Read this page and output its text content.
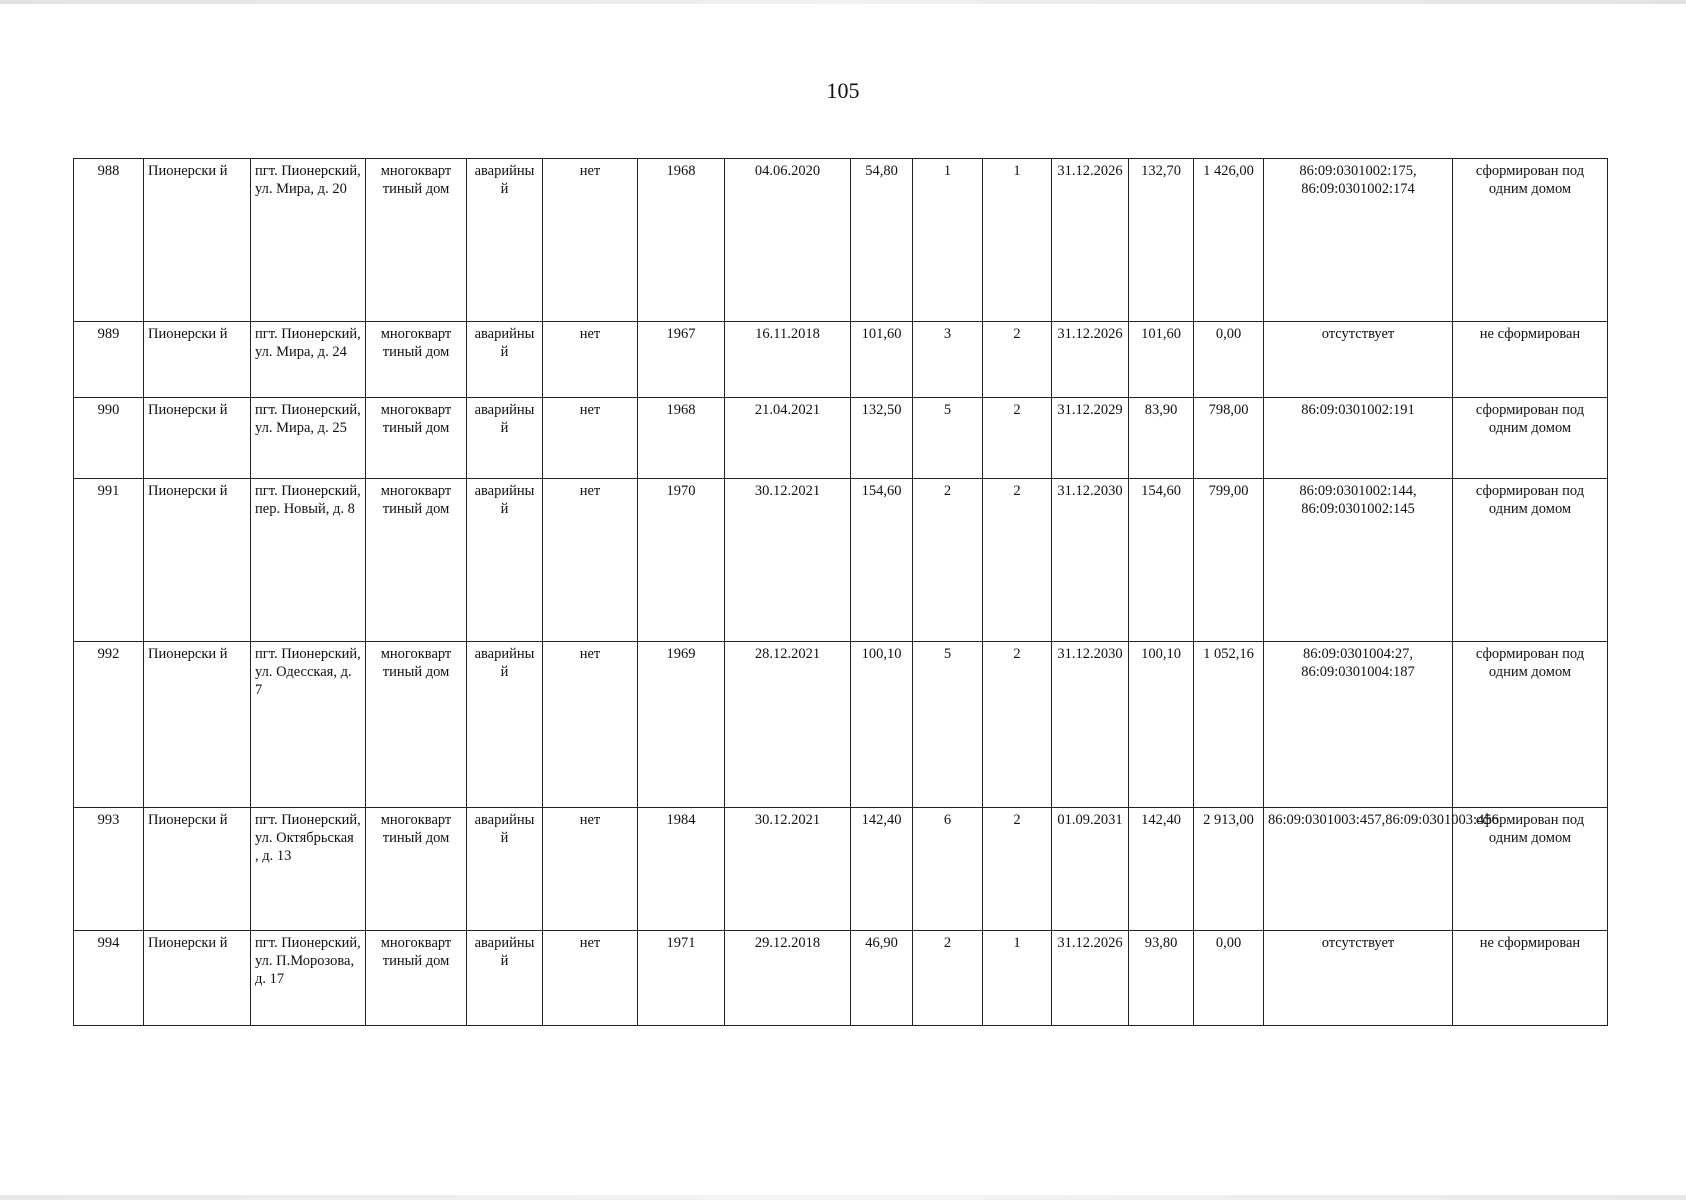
105
988	Пионерски й	пгт. Пионерский, ул. Мира, д. 20	многокварт тиный дом	аварийный	нет	1968	04.06.2020	54,80	1	1	31.12.2026	132,70	1 426,00	86:09:0301002:175, 86:09:0301002:174	сформирован под одним домом
989	Пионерски й	пгт. Пионерский, ул. Мира, д. 24	многокварт тиный дом	аварийный	нет	1967	16.11.2018	101,60	3	2	31.12.2026	101,60	0,00	отсутствует	не сформирован
990	Пионерски й	пгт. Пионерский, ул. Мира, д. 25	многокварт тиный дом	аварийный	нет	1968	21.04.2021	132,50	5	2	31.12.2029	83,90	798,00	86:09:0301002:191	сформирован под одним домом
991	Пионерски й	пгт. Пионерский, пер. Новый, д. 8	многокварт тиный дом	аварийный	нет	1970	30.12.2021	154,60	2	2	31.12.2030	154,60	799,00	86:09:0301002:144, 86:09:0301002:145	сформирован под одним домом
992	Пионерски й	пгт. Пионерский, ул. Одесская, д. 7	многокварт тиный дом	аварийный	нет	1969	28.12.2021	100,10	5	2	31.12.2030	100,10	1 052,16	86:09:0301004:27, 86:09:0301004:187	сформирован под одним домом
993	Пионерски й	пгт. Пионерский, ул. Октябрьская , д. 13	многокварт тиный дом	аварийный	нет	1984	30.12.2021	142,40	6	2	01.09.2031	142,40	2 913,00	86:09:0301003:457,86:09:0301003:456	сформирован под одним домом
994	Пионерски й	пгт. Пионерский, ул. П.Морозова, д. 17	многокварт тиный дом	аварийный	нет	1971	29.12.2018	46,90	2	1	31.12.2026	93,80	0,00	отсутствует	не сформирован
